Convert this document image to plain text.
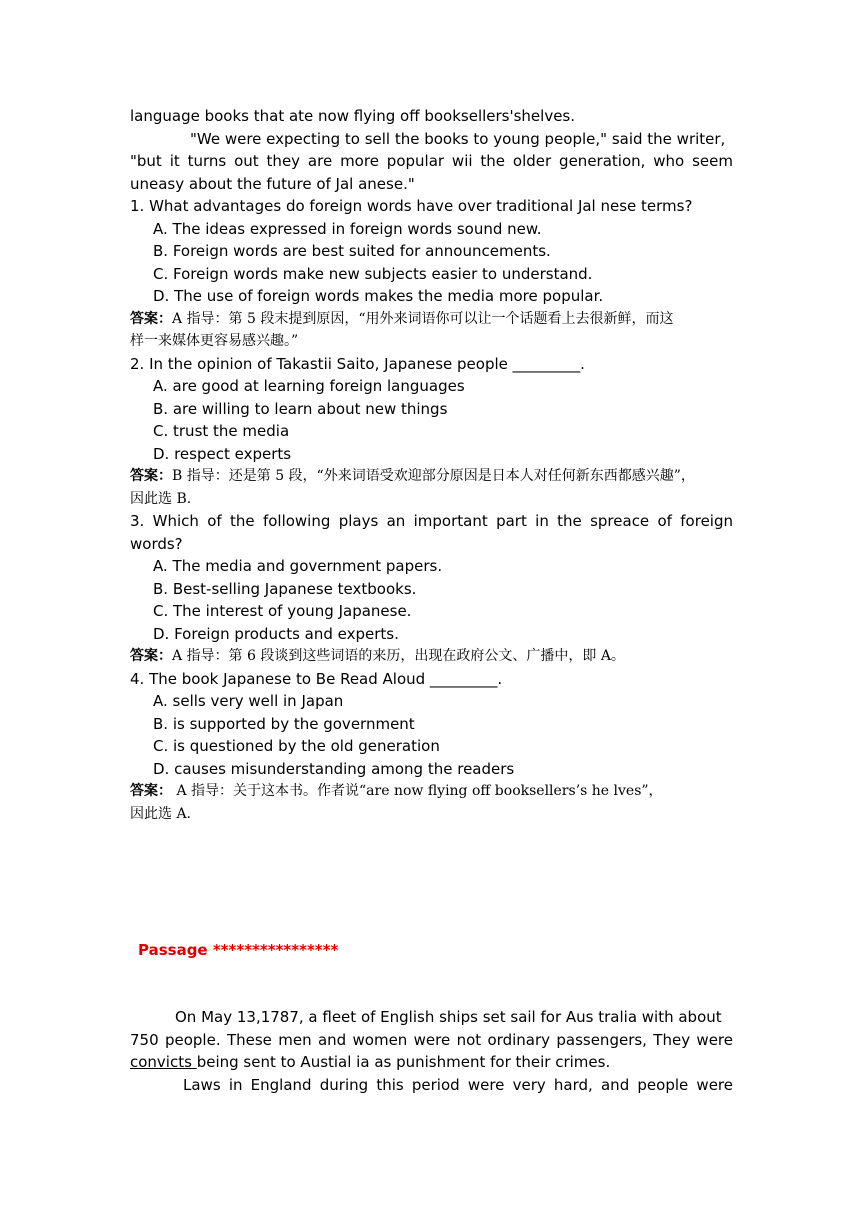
language books that ate now flying off booksellers'shelves.
"We were expecting to sell the books to young people," said the writer,
"but it turns out they are more popular wii the older generation, who seem
uneasy about the future of Jal anese."
1. What advantages do foreign words have over traditional Jal nese terms?
A. The ideas expressed in foreign words sound new.
B. Foreign words are best suited for announcements.
C. Foreign words make new subjects easier to understand.
D. The use of foreign words makes the media more popular.
答案：A 指导：第 5 段末提到原因，“用外来词语你可以让一个话题看上去很新鲜，而这
样一来媒体更容易感兴趣。”
2. In the opinion of Takastii Saito, Japanese people _________.
A. are good at learning foreign languages
B. are willing to learn about new things
C. trust the media
D. respect experts
答案：B 指导：还是第 5 段，“外来词语受欢迎部分原因是日本人对任何新东西都感兴趣”，
因此选 B.
3. Which of the following plays an important part in the spreace of foreign
words?
A. The media and government papers.
B. Best-selling Japanese textbooks.
C. The interest of young Japanese.
D. Foreign products and experts.
答案：A 指导：第 6 段谈到这些词语的来历，出现在政府公文、广播中，即 A。
4. The book Japanese to Be Read Aloud _________.
A. sells very well in Japan
B. is supported by the government
C. is questioned by the old generation
D. causes misunderstanding among the readers
答案： A 指导：关于这本书。作者说“are now flying off booksellers’s he lves”，
因此选 A.
Passage ****************
On May 13,1787, a fleet of English ships set sail for Aus tralia with about
750 people. These men and women were not ordinary passengers, They were
convicts being sent to Austial ia as punishment for their crimes.
Laws in England during this period were very hard, and people were
